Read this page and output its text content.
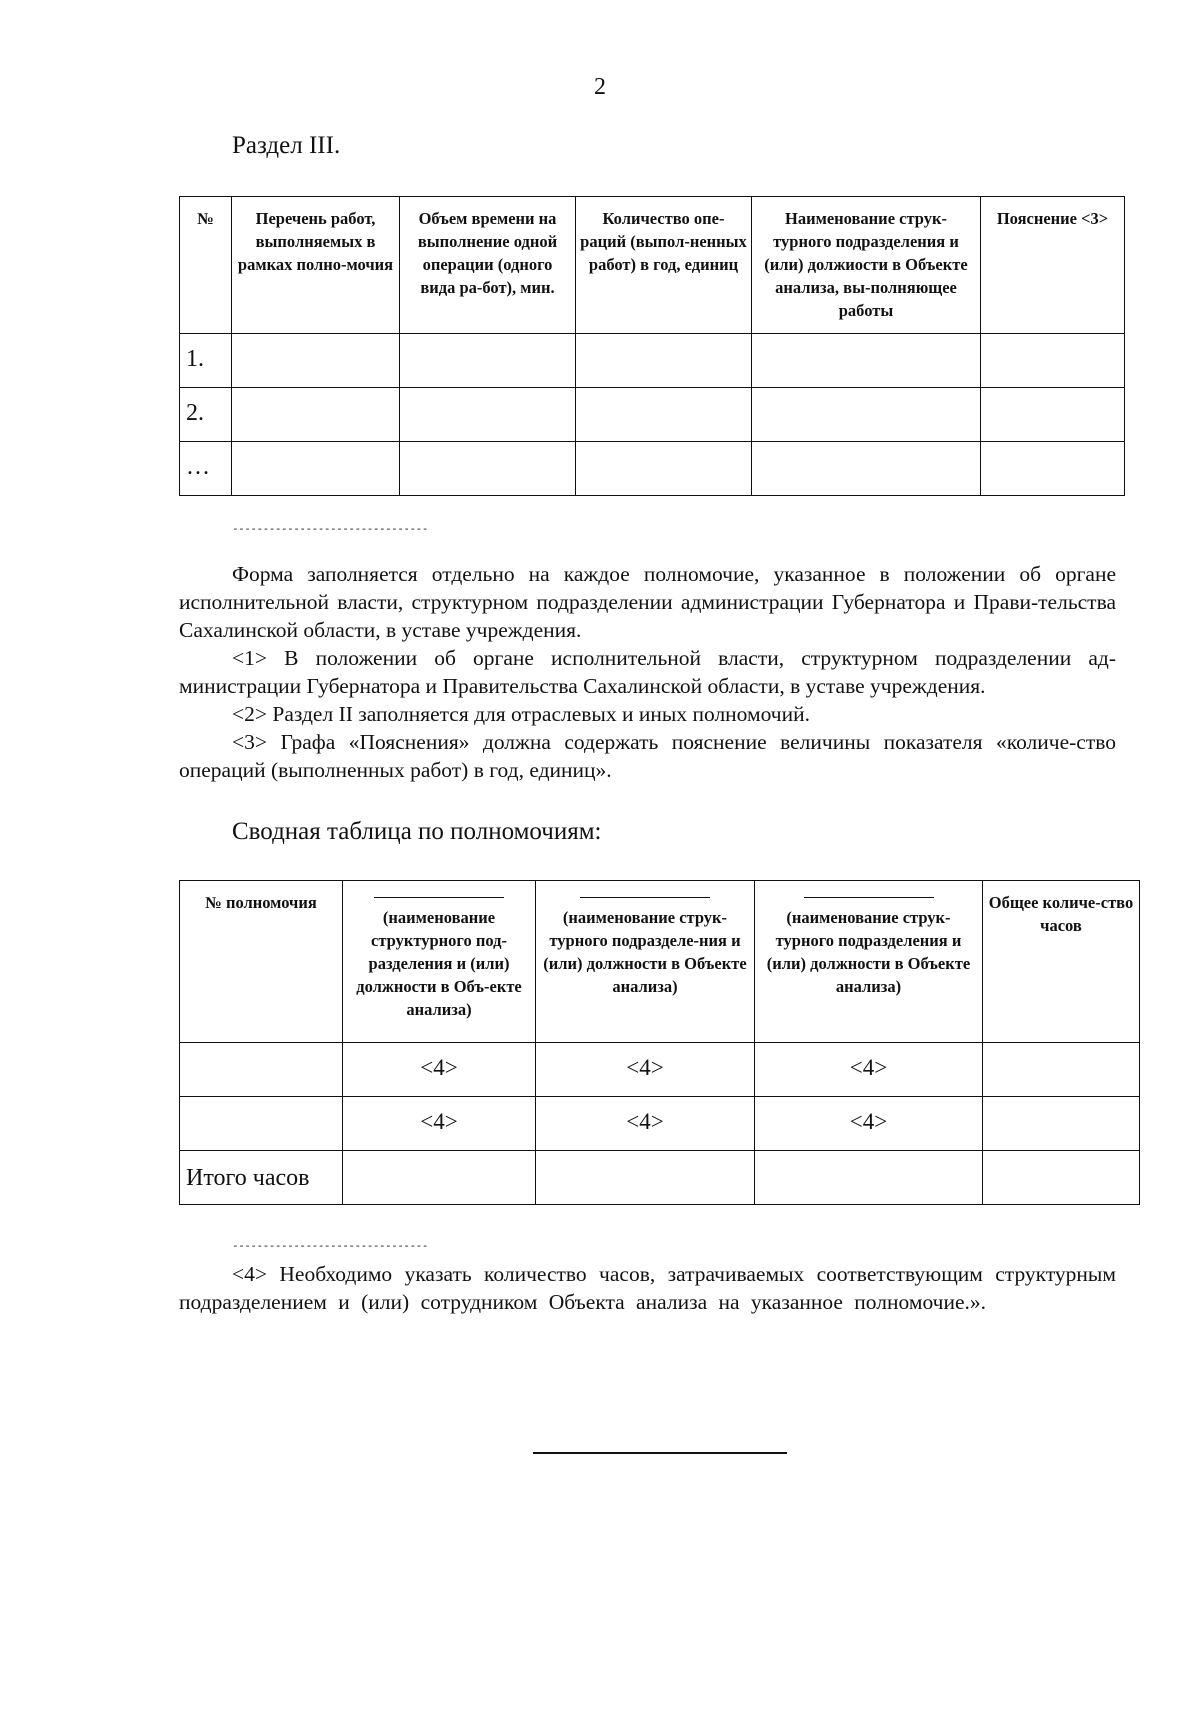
2
Раздел III.
№	Перечень работ, выполняемых в рамках полно-мочия	Объем времени на выполнение одной операции (одного вида ра-бот), мин.	Количество опе-раций (выпол-ненных работ) в год, единиц	Наименование струк-турного подразделения и (или) должиости в Объекте анализа, вы-полняющее работы	Пояснение <3>
1.					
2.					
…					
--------------------------------

Форма заполняется отдельно на каждое полномочие, указанное в положении об органе исполнительной власти, структурном подразделении администрации Губернатора и Прави-тельства Сахалинской области, в уставе учреждения.

<1> В положении об органе исполнительной власти, структурном подразделении ад-министрации Губернатора и Правительства Сахалинской области, в уставе учреждения.

<2> Раздел II заполняется для отраслевых и иных полномочий.

<3> Графа «Пояснения» должна содержать пояснение величины показателя «количе-ство операций (выполненных работ) в год, единиц».

Сводная таблица по полномочиям:
№ полномочия	(наименование структурного под-разделения и (или) должности в Объ-екте анализа)	(наименование струк-турного подразделе-ния и (или) должности в Объекте анализа)	(наименование струк-турного подразделения и (или) должности в Объекте анализа)	Общее количе-ство часов
	<4>	<4>	<4>	
	<4>	<4>	<4>	
Итого часов				
--------------------------------

<4> Необходимо указать количество часов, затрачиваемых соответствующим структурным подразделением и (или) сотрудником Объекта анализа на указанное полномочие.».
